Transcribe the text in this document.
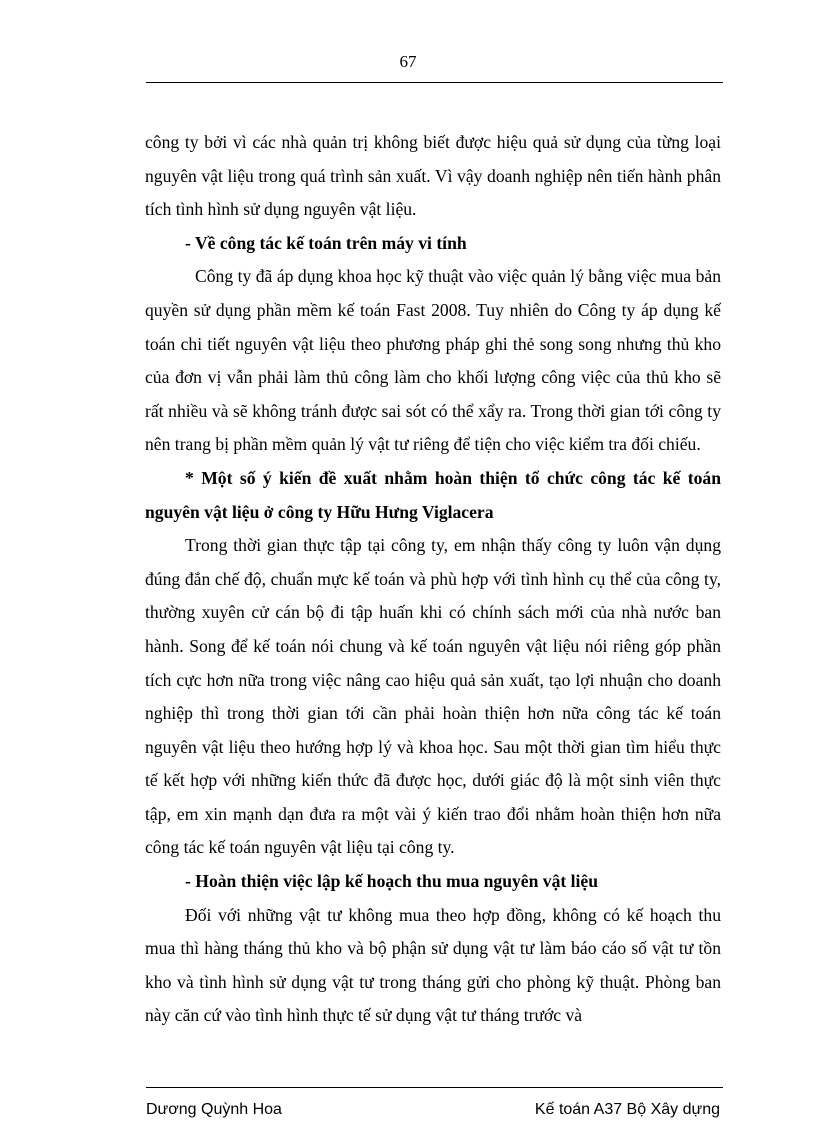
67

công ty bởi vì các nhà quản trị không biết được hiệu quả sử dụng của từng loại nguyên vật liệu trong quá trình sản xuất. Vì vậy doanh nghiệp nên tiến hành phân tích tình hình sử dụng nguyên vật liệu.

- Về công tác kế toán trên máy vi tính

Công ty đã áp dụng khoa học kỹ thuật vào việc quản lý bằng việc mua bản quyền sử dụng phần mềm kế toán Fast 2008. Tuy nhiên do Công ty áp dụng kế toán chi tiết nguyên vật liệu theo phương pháp ghi thẻ song song nhưng thủ kho của đơn vị vẫn phải làm thủ công làm cho khối lượng công việc của thủ kho sẽ rất nhiều và sẽ không tránh được sai sót có thể xẩy ra. Trong thời gian tới công ty nên trang bị phần mềm quản lý vật tư riêng để tiện cho việc kiểm tra đối chiếu.

* Một số ý kiến đề xuất nhằm hoàn thiện tổ chức công tác kế toán nguyên vật liệu ở công ty Hữu Hưng Viglacera

Trong thời gian thực tập tại công ty, em nhận thấy công ty luôn vận dụng đúng đắn chế độ, chuẩn mực kế toán và phù hợp với tình hình cụ thể của công ty, thường xuyên cử cán bộ đi tập huấn khi có chính sách mới của nhà nước ban hành. Song để kế toán nói chung và kế toán nguyên vật liệu nói riêng góp phần tích cực hơn nữa trong việc nâng cao hiệu quả sản xuất, tạo lợi nhuận cho doanh nghiệp thì trong thời gian tới cần phải hoàn thiện hơn nữa công tác kế toán nguyên vật liệu theo hướng hợp lý và khoa học. Sau một thời gian tìm hiểu thực tế kết hợp với những kiến thức đã được học, dưới giác độ là một sinh viên thực tập, em xin mạnh dạn đưa ra một vài ý kiến trao đổi nhằm hoàn thiện hơn nữa công tác kế toán nguyên vật liệu tại công ty.

- Hoàn thiện việc lập kế hoạch thu mua nguyên vật liệu

Đối với những vật tư không mua theo hợp đồng, không có kế hoạch thu mua thì hàng tháng thủ kho và bộ phận sử dụng vật tư làm báo cáo số vật tư tồn kho và tình hình sử dụng vật tư trong tháng gửi cho phòng kỹ thuật. Phòng ban này căn cứ vào tình hình thực tế sử dụng vật tư tháng trước và

Dương Quỳnh Hoa	Kế toán A37 Bộ Xây dựng
